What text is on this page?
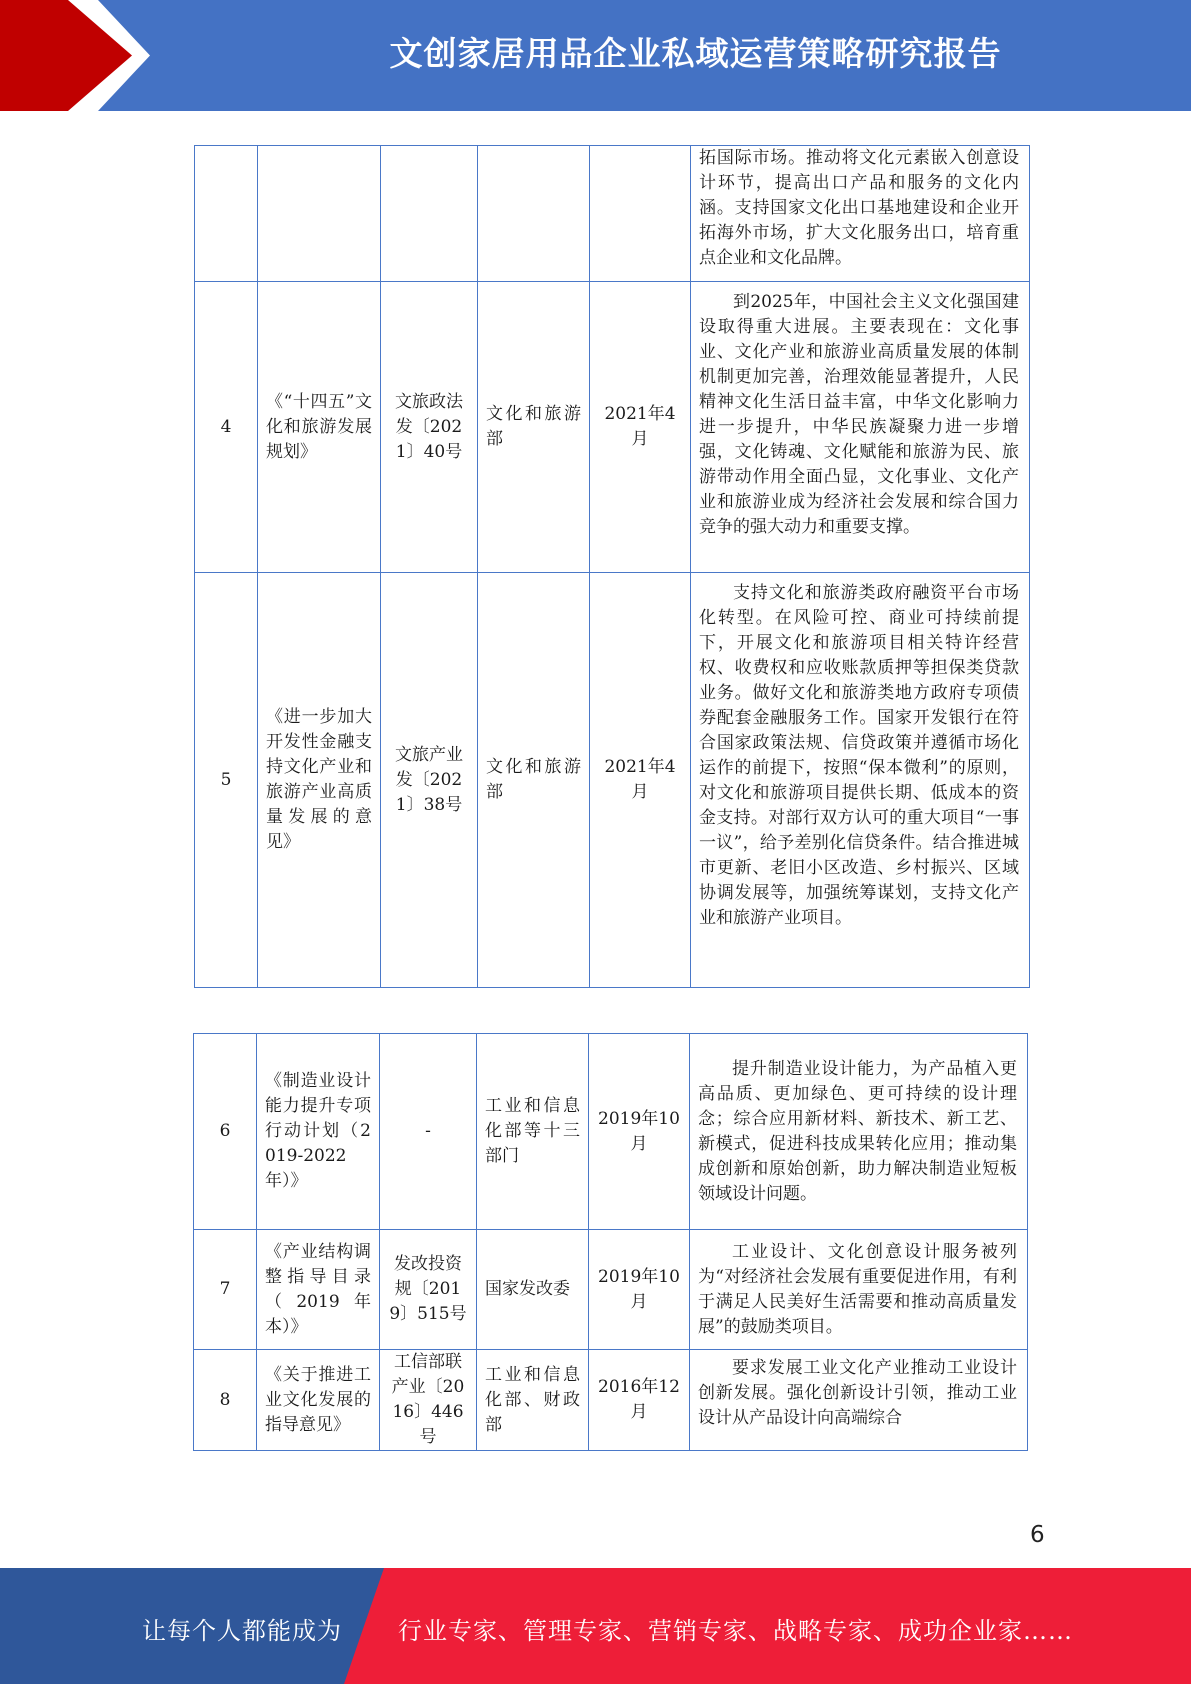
文创家居用品企业私域运营策略研究报告
					拓国际市场。推动将文化元素嵌入创意设计环节，提高出口产品和服务的文化内涵。支持国家文化出口基地建设和企业开拓海外市场，扩大文化服务出口，培育重点企业和文化品牌。
4	《“十四五”文化和旅游发展规划》	文旅政法发〔2021〕40号	文化和旅游部	2021年4月	到2025年，中国社会主义文化强国建设取得重大进展。主要表现在：文化事业、文化产业和旅游业高质量发展的体制机制更加完善，治理效能显著提升，人民精神文化生活日益丰富，中华文化影响力进一步提升，中华民族凝聚力进一步增强，文化铸魂、文化赋能和旅游为民、旅游带动作用全面凸显，文化事业、文化产业和旅游业成为经济社会发展和综合国力竞争的强大动力和重要支撑。
5	《进一步加大开发性金融支持文化产业和旅游产业高质量发展的意见》	文旅产业发〔2021〕38号	文化和旅游部	2021年4月	支持文化和旅游类政府融资平台市场化转型。在风险可控、商业可持续前提下，开展文化和旅游项目相关特许经营权、收费权和应收账款质押等担保类贷款业务。做好文化和旅游类地方政府专项债券配套金融服务工作。国家开发银行在符合国家政策法规、信贷政策并遵循市场化运作的前提下，按照“保本微利”的原则，对文化和旅游项目提供长期、低成本的资金支持。对部行双方认可的重大项目“一事一议”，给予差别化信贷条件。结合推进城市更新、老旧小区改造、乡村振兴、区域协调发展等，加强统筹谋划，支持文化产业和旅游产业项目。
6	《制造业设计能力提升专项行动计划（2019-2022年）》	-	工业和信息化部等十三部门	2019年10月	提升制造业设计能力，为产品植入更高品质、更加绿色、更可持续的设计理念；综合应用新材料、新技术、新工艺、新模式，促进科技成果转化应用；推动集成创新和原始创新，助力解决制造业短板领域设计问题。
7	《产业结构调整指导目录（2019年本）》	发改投资规〔2019〕515号	国家发改委	2019年10月	工业设计、文化创意设计服务被列为“对经济社会发展有重要促进作用，有利于满足人民美好生活需要和推动高质量发展”的鼓励类项目。
8	《关于推进工业文化发展的指导意见》	工信部联产业〔2016〕446号	工业和信息化部、财政部	2016年12月	要求发展工业文化产业推动工业设计创新发展。强化创新设计引领，推动工业设计从产品设计向高端综合
6
让每个人都能成为 行业专家、管理专家、营销专家、战略专家、成功企业家……
